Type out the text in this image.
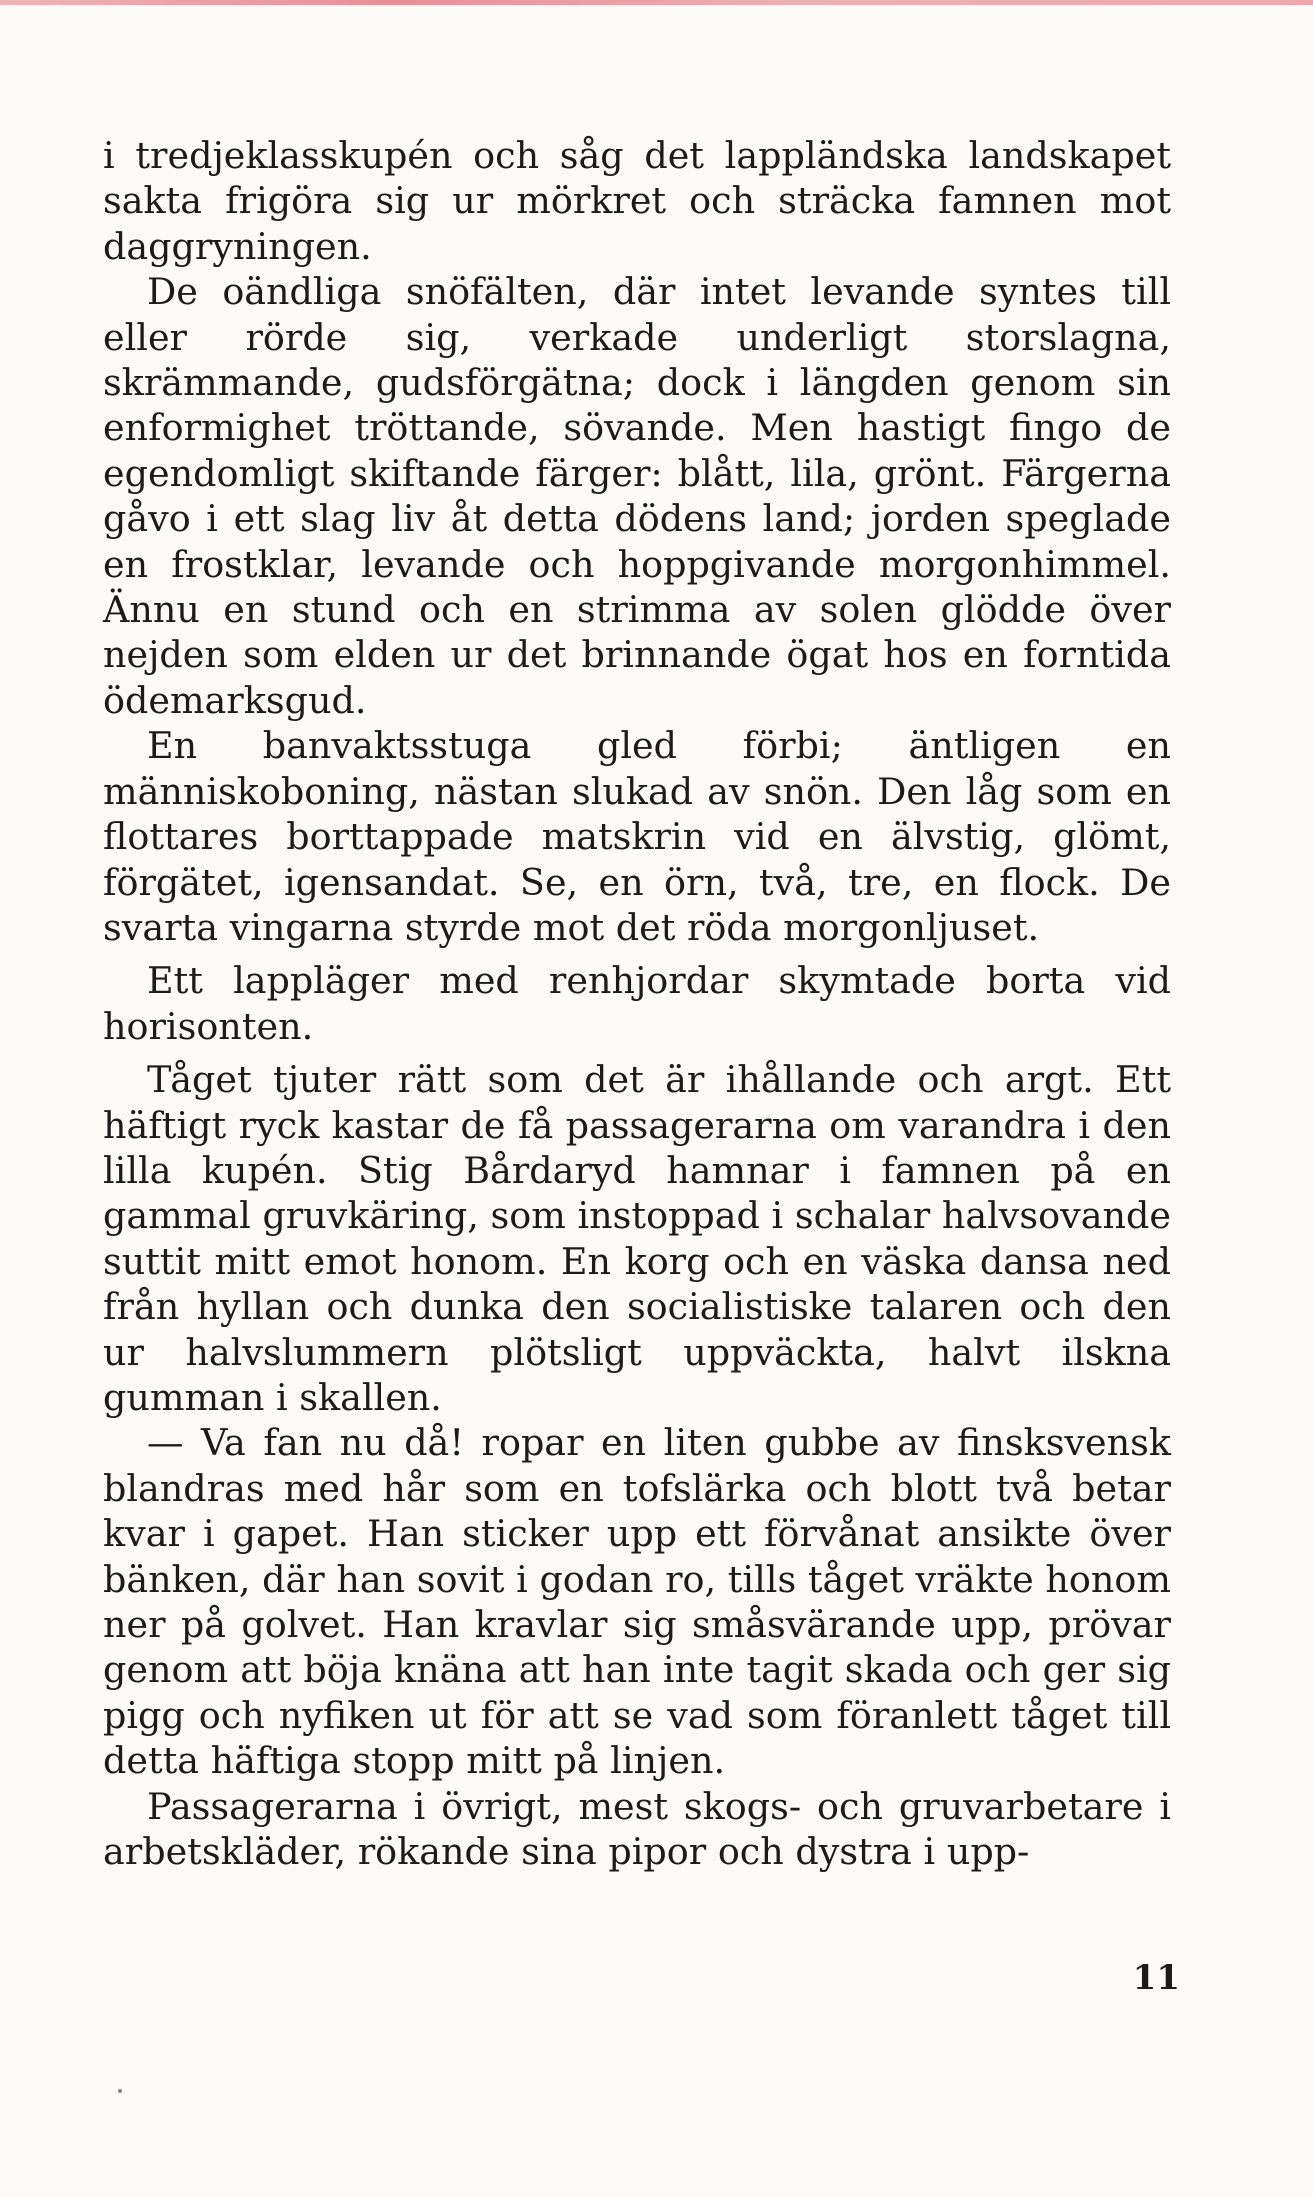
i tredjeklasskupén och såg det lappländska landskapet sakta frigöra sig ur mörkret och sträcka famnen mot daggryningen.

De oändliga snöfälten, där intet levande syntes till eller rörde sig, verkade underligt storslagna, skrämmande, gudsförgätna; dock i längden genom sin enformighet tröttande, sövande. Men hastigt fingo de egendomligt skiftande färger: blått, lila, grönt. Färgerna gåvo i ett slag liv åt detta dödens land; jorden speglade en frostklar, levande och hoppgivande morgonhimmel. Ännu en stund och en strimma av solen glödde över nejden som elden ur det brinnande ögat hos en forntida ödemarksgud.

En banvaktsstuga gled förbi; äntligen en människoboning, nästan slukad av snön. Den låg som en flottares borttappade matskrin vid en älvstig, glömt, förgätet, igensandat. Se, en örn, två, tre, en flock. De svarta vingarna styrde mot det röda morgonljuset.

Ett lappläger med renhjordar skymtade borta vid horisonten.

Tåget tjuter rätt som det är ihållande och argt. Ett häftigt ryck kastar de få passagerarna om varandra i den lilla kupén. Stig Bårdaryd hamnar i famnen på en gammal gruvkäring, som instoppad i schalar halvsovande suttit mitt emot honom. En korg och en väska dansa ned från hyllan och dunka den socialistiske talaren och den ur halvslummern plötsligt uppväckta, halvt ilskna gumman i skallen.

— Va fan nu då! ropar en liten gubbe av finsksvensk blandras med hår som en tofslärka och blott två betar kvar i gapet. Han sticker upp ett förvånat ansikte över bänken, där han sovit i godan ro, tills tåget vräkte honom ner på golvet. Han kravlar sig småsvärande upp, prövar genom att böja knäna att han inte tagit skada och ger sig pigg och nyfiken ut för att se vad som föranlett tåget till detta häftiga stopp mitt på linjen.

Passagerarna i övrigt, mest skogs- och gruvarbetare i arbetskläder, rökande sina pipor och dystra i upp-

11
